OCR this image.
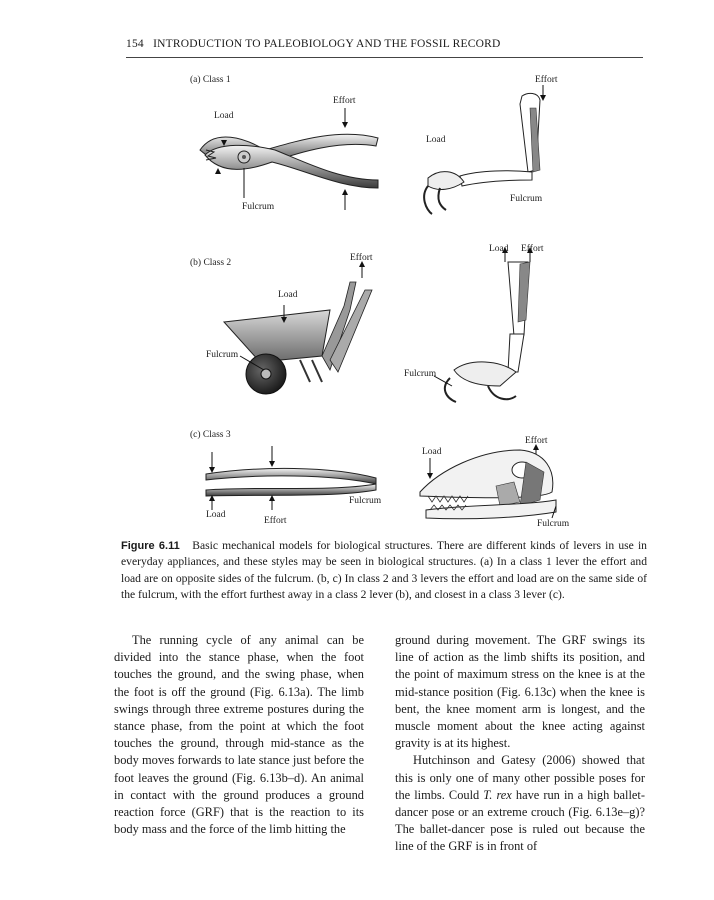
154 INTRODUCTION TO PALEOBIOLOGY AND THE FOSSIL RECORD
(a) Class 1
Load
Effort
Fulcrum
Effort
Load
Fulcrum
(b) Class 2
Load
Effort
Fulcrum
Load Effort
Fulcrum
(c) Class 3
Load
Effort
Fulcrum
Effort
Load
Fulcrum
Figure 6.11 Basic mechanical models for biological structures. There are different kinds of levers in use in everyday appliances, and these styles may be seen in biological structures. (a) In a class 1 lever the effort and load are on opposite sides of the fulcrum. (b, c) In class 2 and 3 levers the effort and load are on the same side of the fulcrum, with the effort furthest away in a class 2 lever (b), and closest in a class 3 lever (c).

The running cycle of any animal can be divided into the stance phase, when the foot touches the ground, and the swing phase, when the foot is off the ground (Fig. 6.13a). The limb swings through three extreme postures during the stance phase, from the point at which the foot touches the ground, through mid-stance as the body moves forwards to late stance just before the foot leaves the ground (Fig. 6.13b–d). An animal in contact with the ground produces a ground reaction force (GRF) that is the reaction to its body mass and the force of the limb hitting the

ground during movement. The GRF swings its line of action as the limb shifts its position, and the point of maximum stress on the knee is at the mid-stance position (Fig. 6.13c) when the knee is bent, the knee moment arm is longest, and the muscle moment about the knee acting against gravity is at its highest.

Hutchinson and Gatesy (2006) showed that this is only one of many other possible poses for the limbs. Could T. rex have run in a high ballet-dancer pose or an extreme crouch (Fig. 6.13e–g)? The ballet-dancer pose is ruled out because the line of the GRF is in front of
